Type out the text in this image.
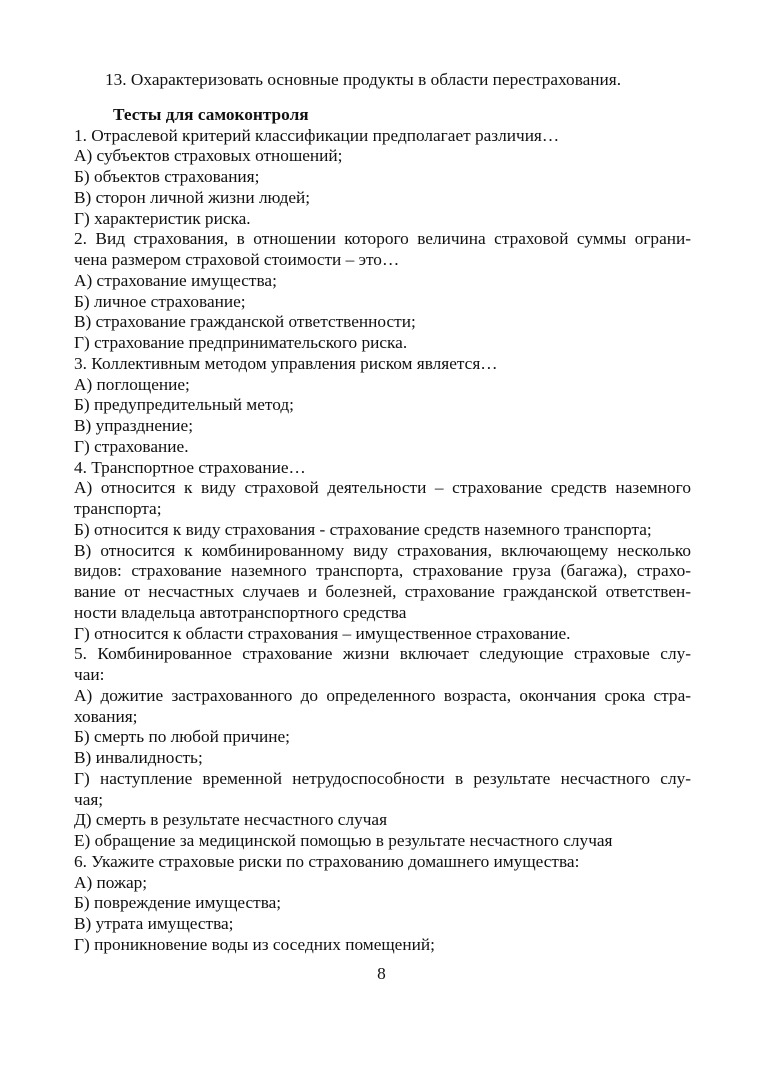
13. Охарактеризовать основные продукты в области перестрахования.
Тесты для самоконтроля
1. Отраслевой критерий классификации предполагает различия…
А) субъектов страховых отношений;
Б) объектов страхования;
В) сторон личной жизни людей;
Г) характеристик риска.
2. Вид страхования, в отношении которого величина страховой суммы ограни-
чена размером страховой стоимости – это…
А) страхование имущества;
Б) личное страхование;
В) страхование гражданской ответственности;
Г) страхование предпринимательского риска.
3. Коллективным методом управления риском является…
А) поглощение;
Б) предупредительный метод;
В) упразднение;
Г) страхование.
4. Транспортное страхование…
А) относится к виду страховой деятельности – страхование средств наземного
транспорта;
Б) относится к виду страхования - страхование средств наземного транспорта;
В) относится к комбинированному виду страхования, включающему несколько
видов: страхование наземного транспорта, страхование груза (багажа), страхо-
вание от несчастных случаев и болезней, страхование гражданской ответствен-
ности владельца автотранспортного средства
Г) относится к области страхования – имущественное страхование.
5. Комбинированное страхование жизни включает следующие страховые слу-
чаи:
А) дожитие застрахованного до определенного возраста, окончания срока стра-
хования;
Б) смерть по любой причине;
В) инвалидность;
Г) наступление временной нетрудоспособности в результате несчастного слу-
чая;
Д) смерть в результате несчастного случая
Е) обращение за медицинской помощью в результате несчастного случая
6. Укажите страховые риски по страхованию домашнего имущества:
А) пожар;
Б) повреждение имущества;
В) утрата имущества;
Г) проникновение воды из соседних помещений;
8
